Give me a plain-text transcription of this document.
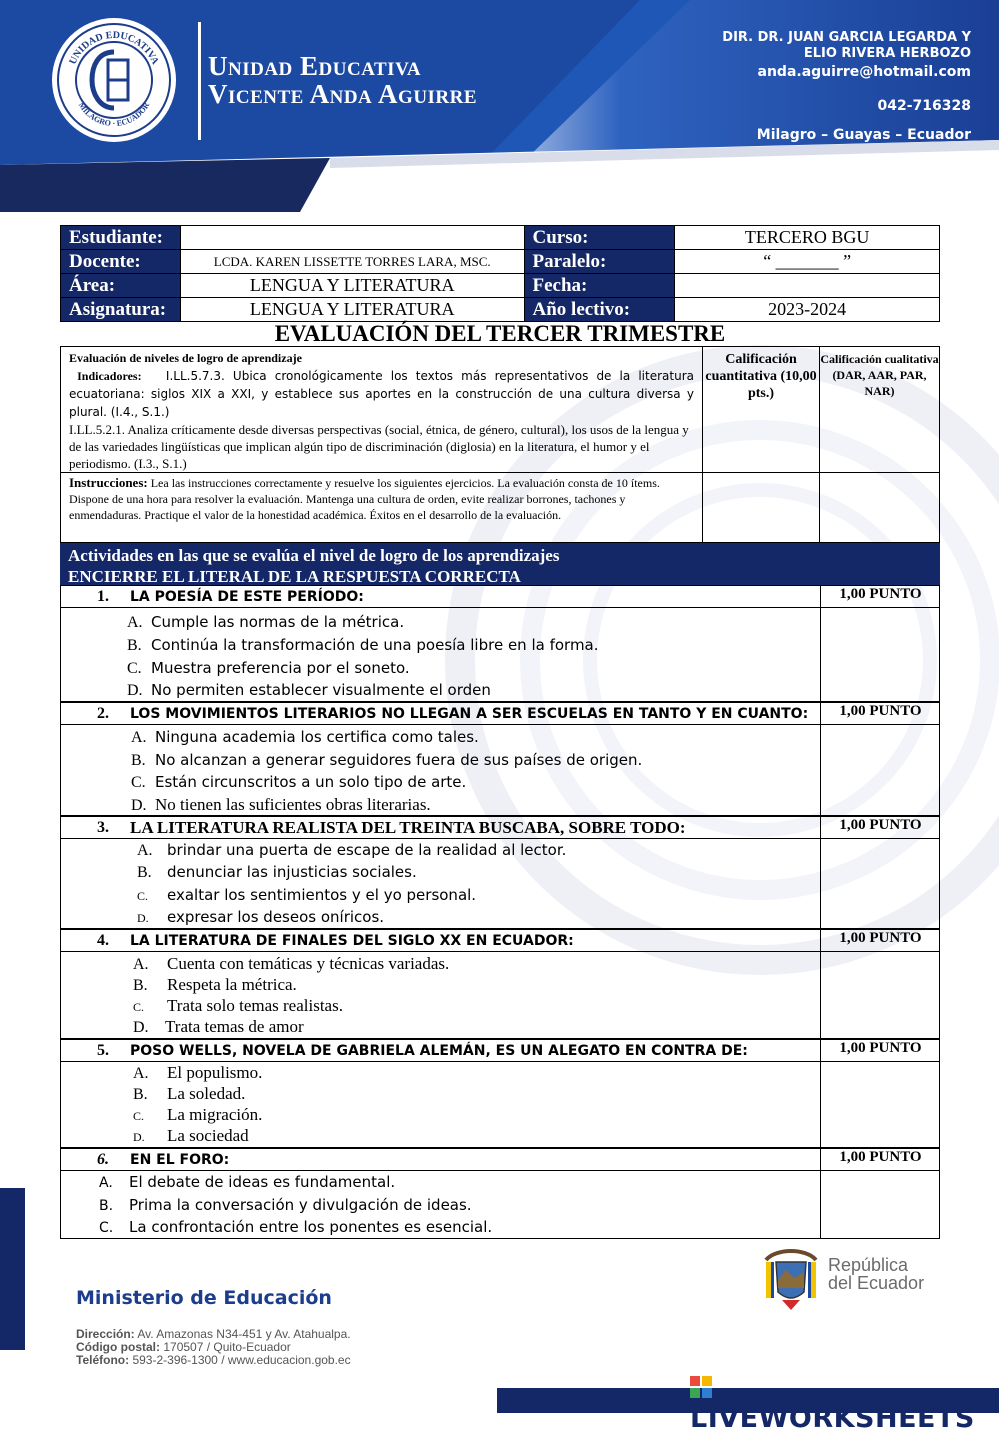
UNIDAD EDUCATIVA
MILAGRO · ECUADOR
Unidad Educativa
Vicente Anda Aguirre
DIR. DR. JUAN GARCIA LEGARDA Y
ELIO RIVERA HERBOZO
anda.aguirre@hotmail.com
042-716328
Milagro – Guayas – Ecuador
Estudiante:		Curso:	TERCERO BGU
Docente:	LCDA. KAREN LISSETTE TORRES LARA, MSC.	Paralelo:	“ _______ ”
Área:	LENGUA Y LITERATURA	Fecha:	
Asignatura:	LENGUA Y LITERATURA	Año lectivo:	2023-2024
EVALUACIÓN DEL TERCER TRIMESTRE
Evaluación de niveles de logro de aprendizaje
Indicadores: I.LL.5.7.3. Ubica cronológicamente los textos más representativos de la literatura ecuatoriana: siglos XIX a XXI, y establece sus aportes en la construcción de una cultura diversa y plural. (I.4., S.1.)
I.LL.5.2.1. Analiza críticamente desde diversas perspectivas (social, étnica, de género, cultural), los usos de la lengua y de las variedades lingüísticas que implican algún tipo de discriminación (diglosia) en la literatura, el humor y el periodismo. (I.3., S.1.)
Calificación cuantitativa (10,00 pts.)
Calificación cualitativa (DAR, AAR, PAR, NAR)
Instrucciones: Lea las instrucciones correctamente y resuelve los siguientes ejercicios. La evaluación consta de 10 ítems. Dispone de una hora para resolver la evaluación. Mantenga una cultura de orden, evite realizar borrones, tachones y enmendaduras. Practique el valor de la honestidad académica. Éxitos en el desarrollo de la evaluación.
Actividades en las que se evalúa el nivel de logro de los aprendizajes
ENCIERRE EL LITERAL DE LA RESPUESTA CORRECTA
1. LA POESÍA DE ESTE PERÍODO:	1,00 PUNTO
A. Cumple las normas de la métrica.
B. Continúa la transformación de una poesía libre en la forma.
C. Muestra preferencia por el soneto.
D. No permiten establecer visualmente el orden
2. LOS MOVIMIENTOS LITERARIOS NO LLEGAN A SER ESCUELAS EN TANTO Y EN CUANTO:	1,00 PUNTO
A. Ninguna academia los certifica como tales.
B. No alcanzan a generar seguidores fuera de sus países de origen.
C. Están circunscritos a un solo tipo de arte.
D. No tienen las suficientes obras literarias.
3. LA LITERATURA REALISTA DEL TREINTA BUSCABA, SOBRE TODO:	1,00 PUNTO
A. brindar una puerta de escape de la realidad al lector.
B. denunciar las injusticias sociales.
C. exaltar los sentimientos y el yo personal.
D. expresar los deseos oníricos.
4. LA LITERATURA DE FINALES DEL SIGLO XX EN ECUADOR:	1,00 PUNTO
A. Cuenta con temáticas y técnicas variadas.
B. Respeta la métrica.
C. Trata solo temas realistas.
D. Trata temas de amor
5. POSO WELLS, NOVELA DE GABRIELA ALEMÁN, ES UN ALEGATO EN CONTRA DE:	1,00 PUNTO
A. El populismo.
B. La soledad.
C. La migración.
D. La sociedad
6. EN EL FORO:	1,00 PUNTO
A. El debate de ideas es fundamental.
B. Prima la conversación y divulgación de ideas.
C. La confrontación entre los ponentes es esencial.
Ministerio de Educación
Dirección: Av. Amazonas N34-451 y Av. Atahualpa.
Código postal: 170507 / Quito-Ecuador
Teléfono: 593-2-396-1300 / www.educacion.gob.ec
República
del Ecuador
LIVEWORKSHEETS
